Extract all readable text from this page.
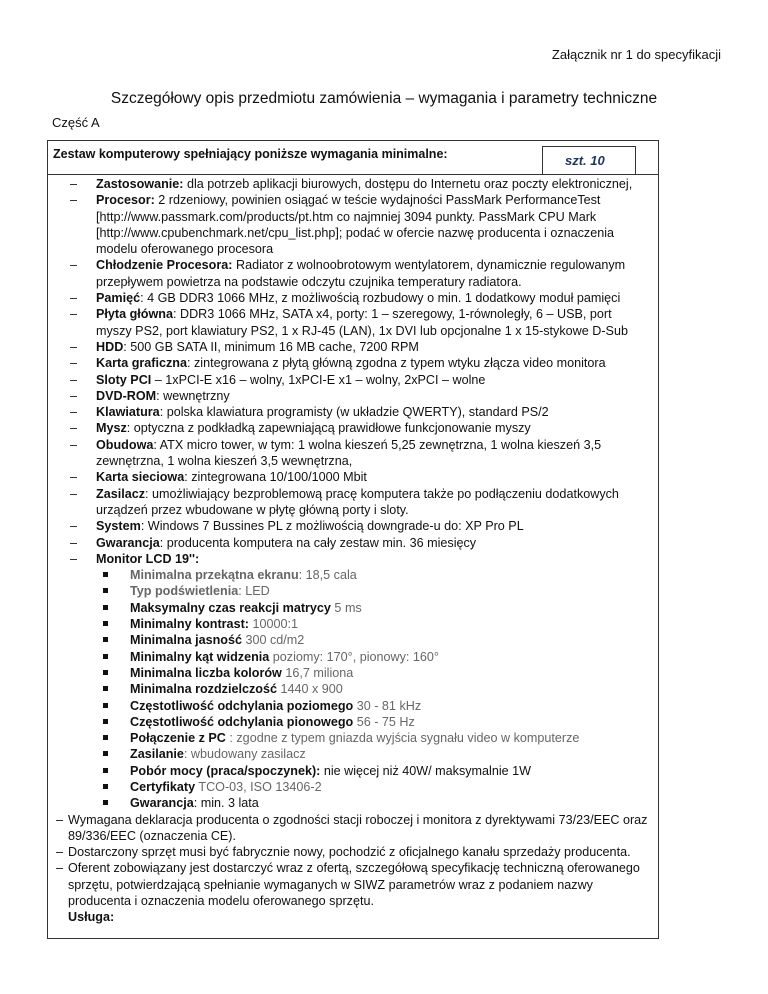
Załącznik nr 1 do specyfikacji
Szczegółowy opis przedmiotu zamówienia – wymagania i parametry techniczne
Część A
Zestaw komputerowy spełniający poniższe wymagania minimalne:	szt. 10
– Zastosowanie: dla potrzeb aplikacji biurowych, dostępu do Internetu oraz poczty elektronicznej,
– Procesor: 2 rdzeniowy, powinien osiągać w teście wydajności PassMark PerformanceTest [http://www.passmark.com/products/pt.htm co najmniej 3094 punkty. PassMark CPU Mark [http://www.cpubenchmark.net/cpu_list.php]; podać w ofercie nazwę producenta i oznaczenia modelu oferowanego procesora
– Chłodzenie Procesora: Radiator z wolnoobrotowym wentylatorem, dynamicznie regulowanym przepływem powietrza na podstawie odczytu czujnika temperatury radiatora.
– Pamięć: 4 GB DDR3 1066 MHz, z możliwością rozbudowy o min. 1 dodatkowy moduł pamięci
– Płyta główna: DDR3 1066 MHz, SATA x4, porty: 1 – szeregowy, 1-równoległy, 6 – USB, port myszy PS2, port klawiatury PS2, 1 x RJ-45 (LAN), 1x DVI lub opcjonalne 1 x 15-stykowe D-Sub
– HDD: 500 GB SATA II, minimum 16 MB cache, 7200 RPM
– Karta graficzna: zintegrowana z płytą główną zgodna z typem wtyku złącza video monitora
– Sloty PCI – 1xPCI-E x16 – wolny, 1xPCI-E x1 – wolny, 2xPCI – wolne
– DVD-ROM: wewnętrzny
– Klawiatura: polska klawiatura programisty (w układzie QWERTY), standard PS/2
– Mysz: optyczna z podkładką zapewniającą prawidłowe funkcjonowanie myszy
– Obudowa: ATX micro tower, w tym: 1 wolna kieszeń 5,25 zewnętrzna, 1 wolna kieszeń 3,5 zewnętrzna, 1 wolna kieszeń 3,5 wewnętrzna,
– Karta sieciowa: zintegrowana 10/100/1000 Mbit
– Zasilacz: umożliwiający bezproblemową pracę komputera także po podłączeniu dodatkowych urządzeń przez wbudowane w płytę główną porty i sloty.
– System: Windows 7 Bussines PL z możliwością downgrade-u do: XP Pro PL
– Gwarancja: producenta komputera na cały zestaw min. 36 miesięcy
– Monitor LCD 19'':
Minimalna przekątna ekranu: 18,5 cala
Typ podświetlenia: LED
Maksymalny czas reakcji matrycy 5 ms
Minimalny kontrast: 10000:1
Minimalna jasność 300 cd/m2
Minimalny kąt widzenia poziomy: 170°, pionowy: 160°
Minimalna liczba kolorów 16,7 miliona
Minimalna rozdzielczość 1440 x 900
Częstotliwość odchylania poziomego 30 - 81 kHz
Częstotliwość odchylania pionowego 56 - 75 Hz
Połączenie z PC : zgodne z typem gniazda wyjścia sygnału video w komputerze
Zasilanie: wbudowany zasilacz
Pobór mocy (praca/spoczynek): nie więcej niż 40W/ maksymalnie 1W
Certyfikaty TCO-03, ISO 13406-2
Gwarancja: min. 3 lata
– Wymagana deklaracja producenta o zgodności stacji roboczej i monitora z dyrektywami 73/23/EEC oraz 89/336/EEC (oznaczenia CE).
– Dostarczony sprzęt musi być fabrycznie nowy, pochodzić z oficjalnego kanału sprzedaży producenta.
– Oferent zobowiązany jest dostarczyć wraz z ofertą, szczegółową specyfikację techniczną oferowanego sprzętu, potwierdzającą spełnianie wymaganych w SIWZ parametrów wraz z podaniem nazwy producenta i oznaczenia modelu oferowanego sprzętu.
Usługa:
